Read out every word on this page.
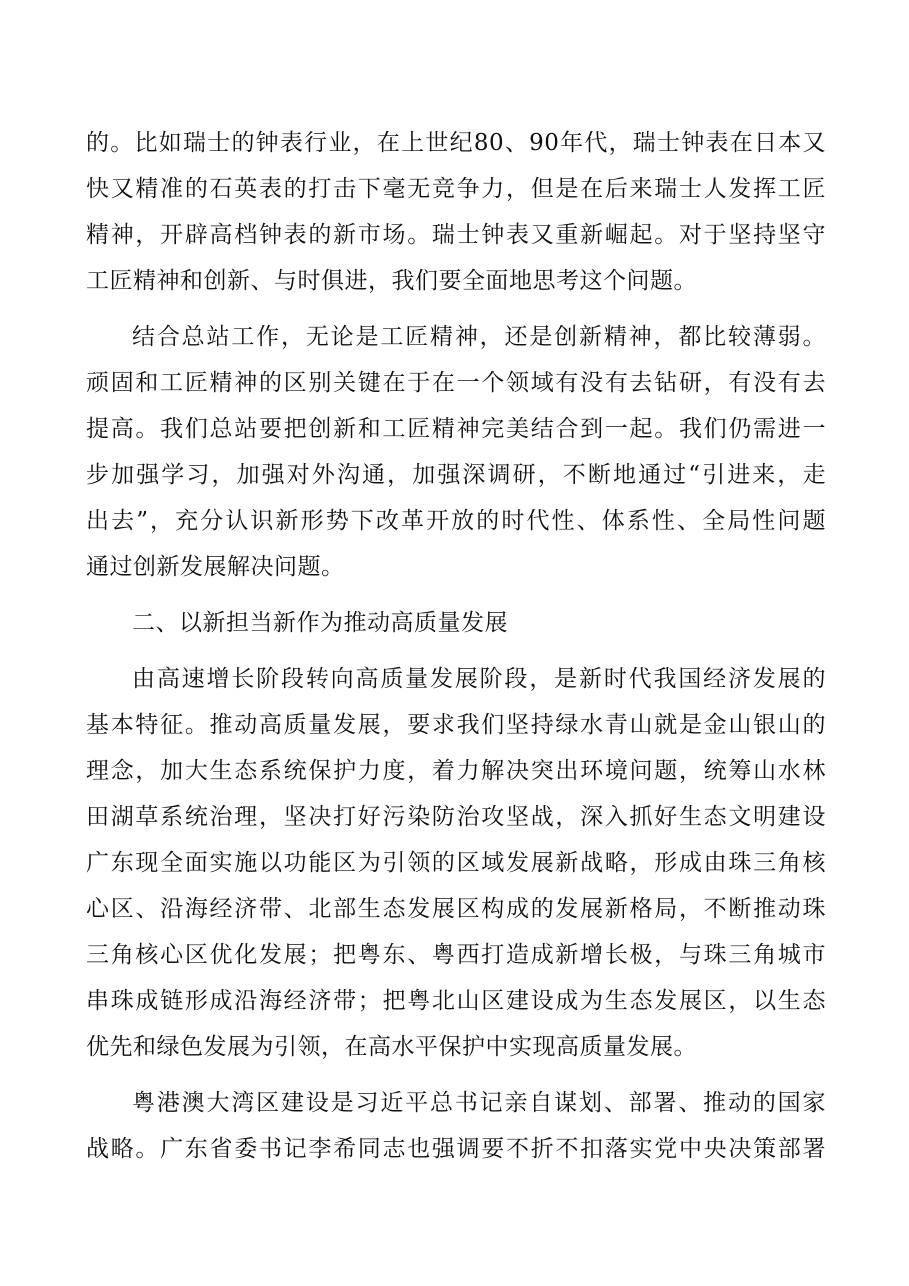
的。比如瑞士的钟表行业，在上世纪80、90年代，瑞士钟表在日本又
快又精准的石英表的打击下毫无竞争力，但是在后来瑞士人发挥工匠
精神，开辟高档钟表的新市场。瑞士钟表又重新崛起。对于坚持坚守
工匠精神和创新、与时俱进，我们要全面地思考这个问题。
结合总站工作，无论是工匠精神，还是创新精神，都比较薄弱。
顽固和工匠精神的区别关键在于在一个领域有没有去钻研，有没有去
提高。我们总站要把创新和工匠精神完美结合到一起。我们仍需进一
步加强学习，加强对外沟通，加强深调研，不断地通过“引进来，走
出去”，充分认识新形势下改革开放的时代性、体系性、全局性问题
通过创新发展解决问题。
二、以新担当新作为推动高质量发展
由高速增长阶段转向高质量发展阶段，是新时代我国经济发展的
基本特征。推动高质量发展，要求我们坚持绿水青山就是金山银山的
理念，加大生态系统保护力度，着力解决突出环境问题，统筹山水林
田湖草系统治理，坚决打好污染防治攻坚战，深入抓好生态文明建设
广东现全面实施以功能区为引领的区域发展新战略，形成由珠三角核
心区、沿海经济带、北部生态发展区构成的发展新格局，不断推动珠
三角核心区优化发展；把粤东、粤西打造成新增长极，与珠三角城市
串珠成链形成沿海经济带；把粤北山区建设成为生态发展区，以生态
优先和绿色发展为引领，在高水平保护中实现高质量发展。
粤港澳大湾区建设是习近平总书记亲自谋划、部署、推动的国家
战略。广东省委书记李希同志也强调要不折不扣落实党中央决策部署
